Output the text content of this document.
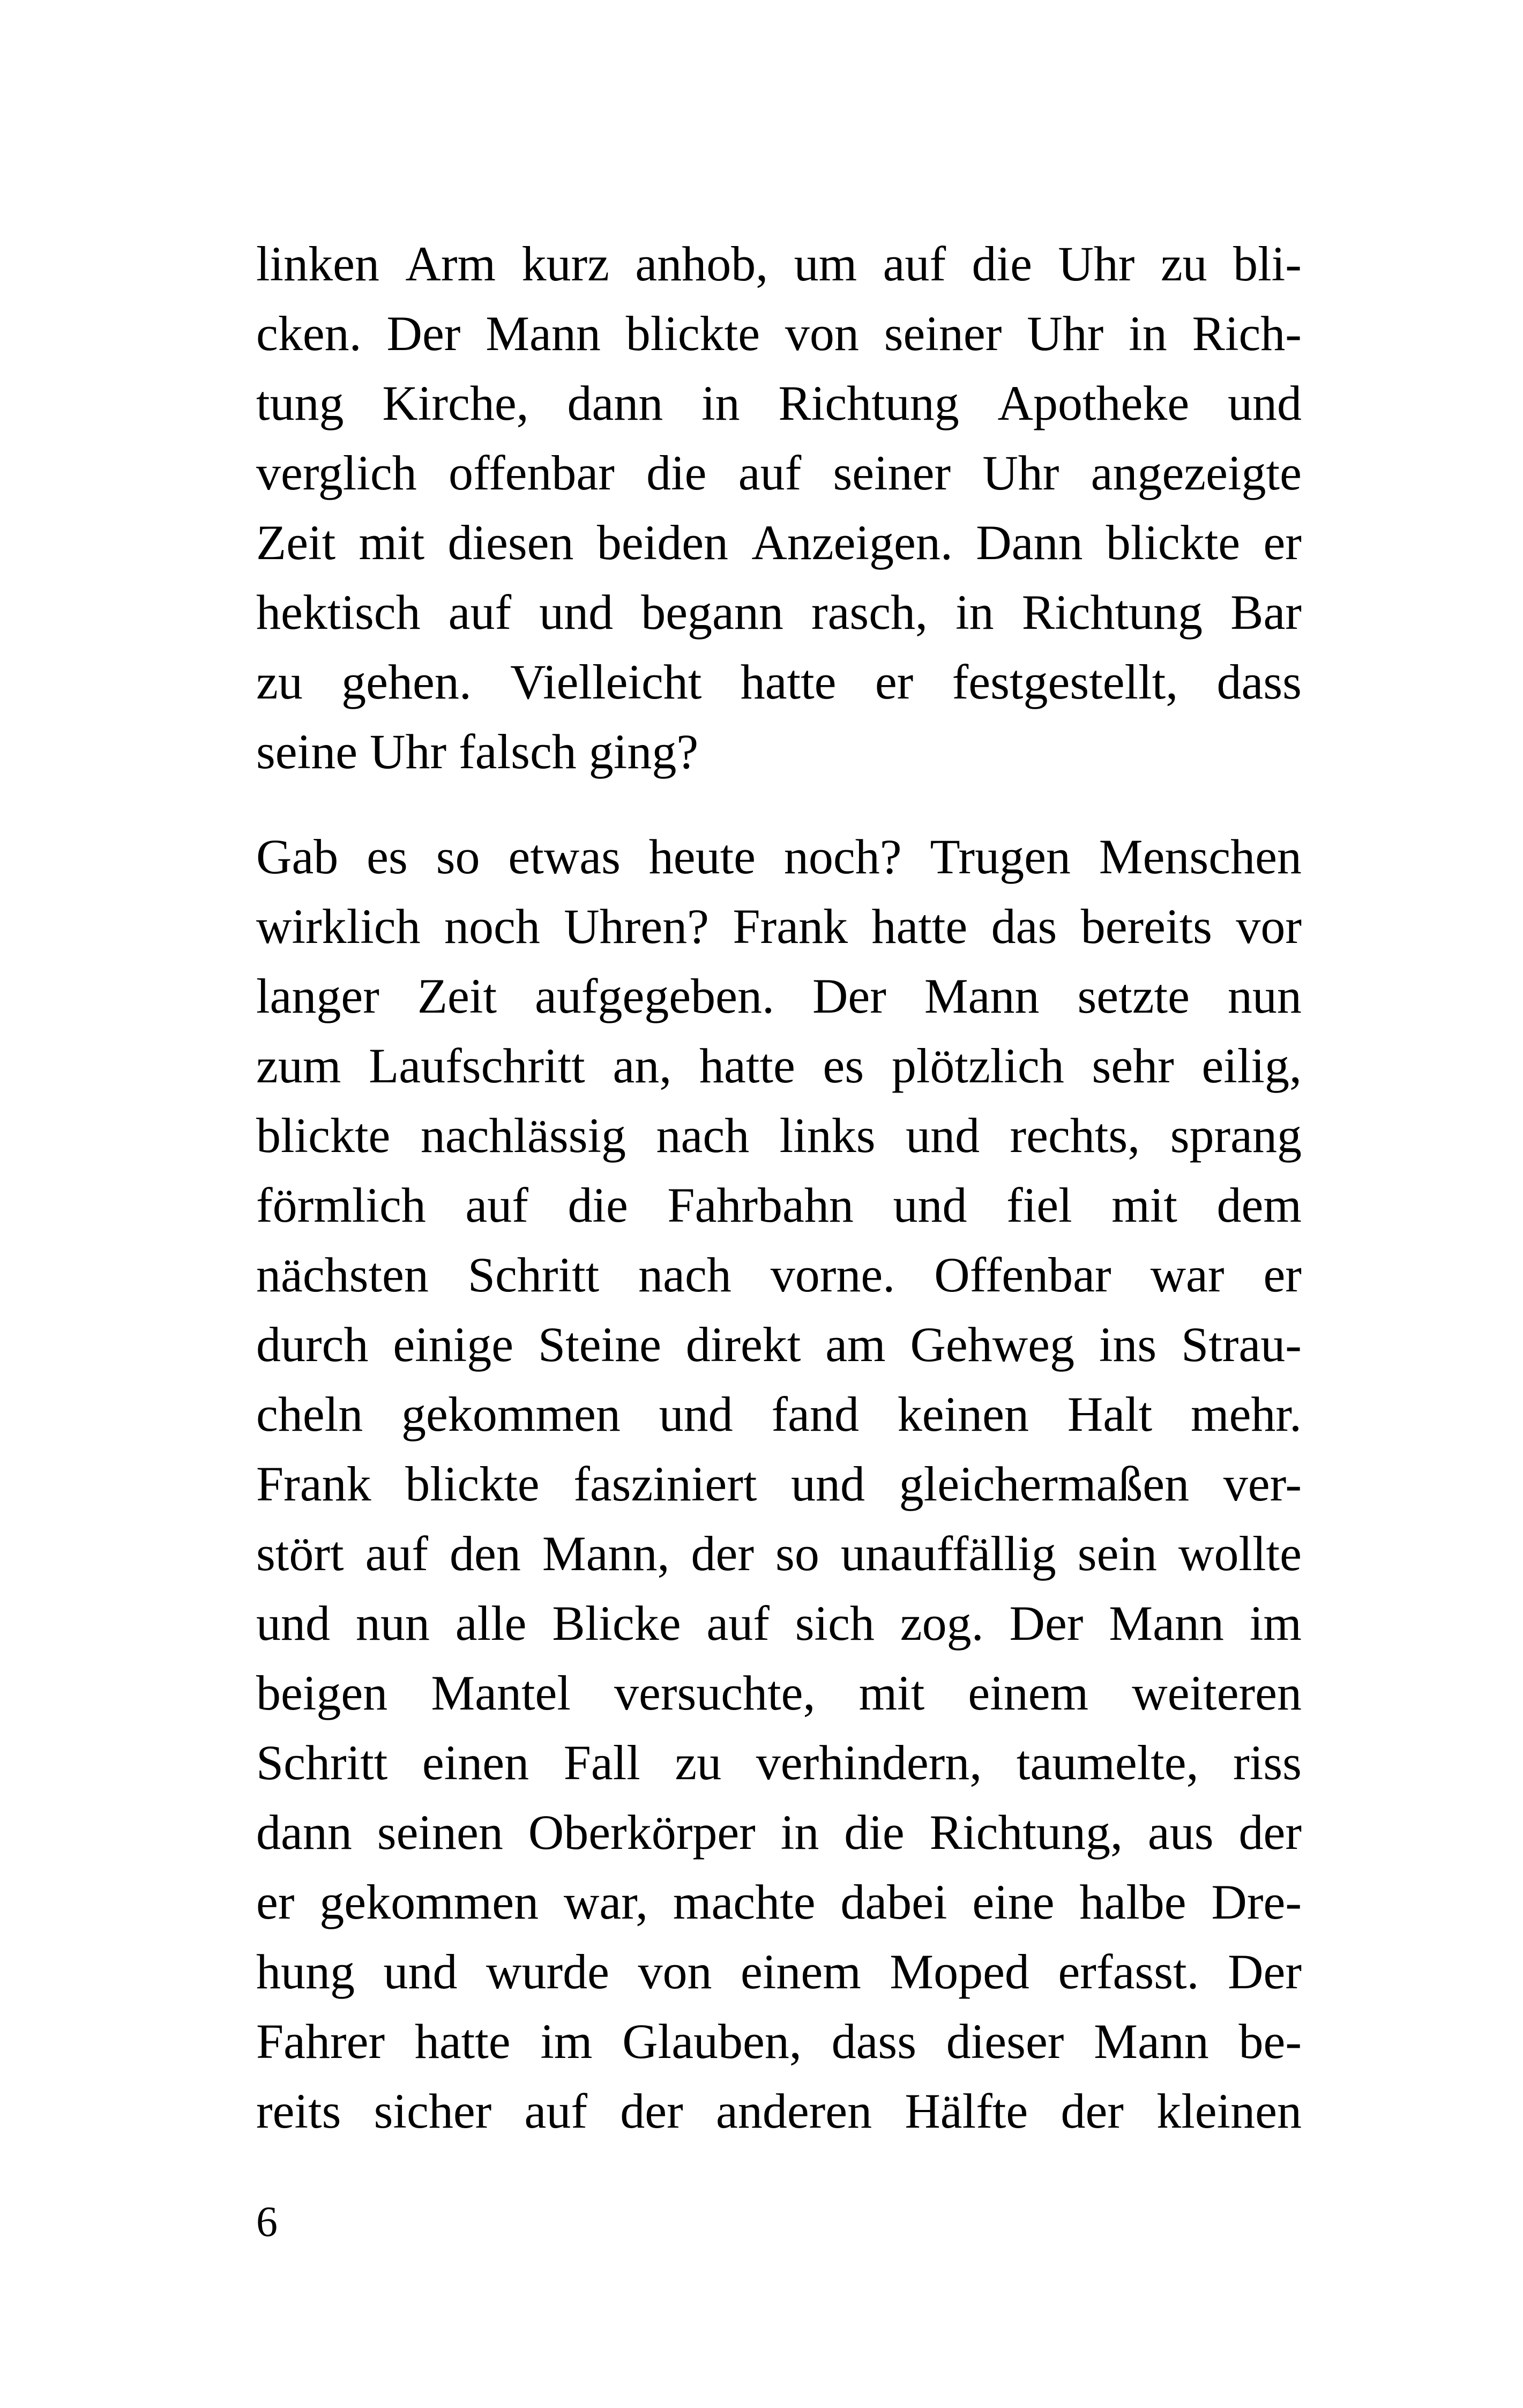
linken Arm kurz anhob, um auf die Uhr zu bli-
cken. Der Mann blickte von seiner Uhr in Rich-
tung Kirche, dann in Richtung Apotheke und
verglich offenbar die auf seiner Uhr angezeigte
Zeit mit diesen beiden Anzeigen. Dann blickte er
hektisch auf und begann rasch, in Richtung Bar
zu gehen. Vielleicht hatte er festgestellt, dass
seine Uhr falsch ging?

Gab es so etwas heute noch? Trugen Menschen
wirklich noch Uhren? Frank hatte das bereits vor
langer Zeit aufgegeben. Der Mann setzte nun
zum Laufschritt an, hatte es plötzlich sehr eilig,
blickte nachlässig nach links und rechts, sprang
förmlich auf die Fahrbahn und fiel mit dem
nächsten Schritt nach vorne. Offenbar war er
durch einige Steine direkt am Gehweg ins Strau-
cheln gekommen und fand keinen Halt mehr.
Frank blickte fasziniert und gleichermaßen ver-
stört auf den Mann, der so unauffällig sein wollte
und nun alle Blicke auf sich zog. Der Mann im
beigen Mantel versuchte, mit einem weiteren
Schritt einen Fall zu verhindern, taumelte, riss
dann seinen Oberkörper in die Richtung, aus der
er gekommen war, machte dabei eine halbe Dre-
hung und wurde von einem Moped erfasst. Der
Fahrer hatte im Glauben, dass dieser Mann be-
reits sicher auf der anderen Hälfte der kleinen

6
